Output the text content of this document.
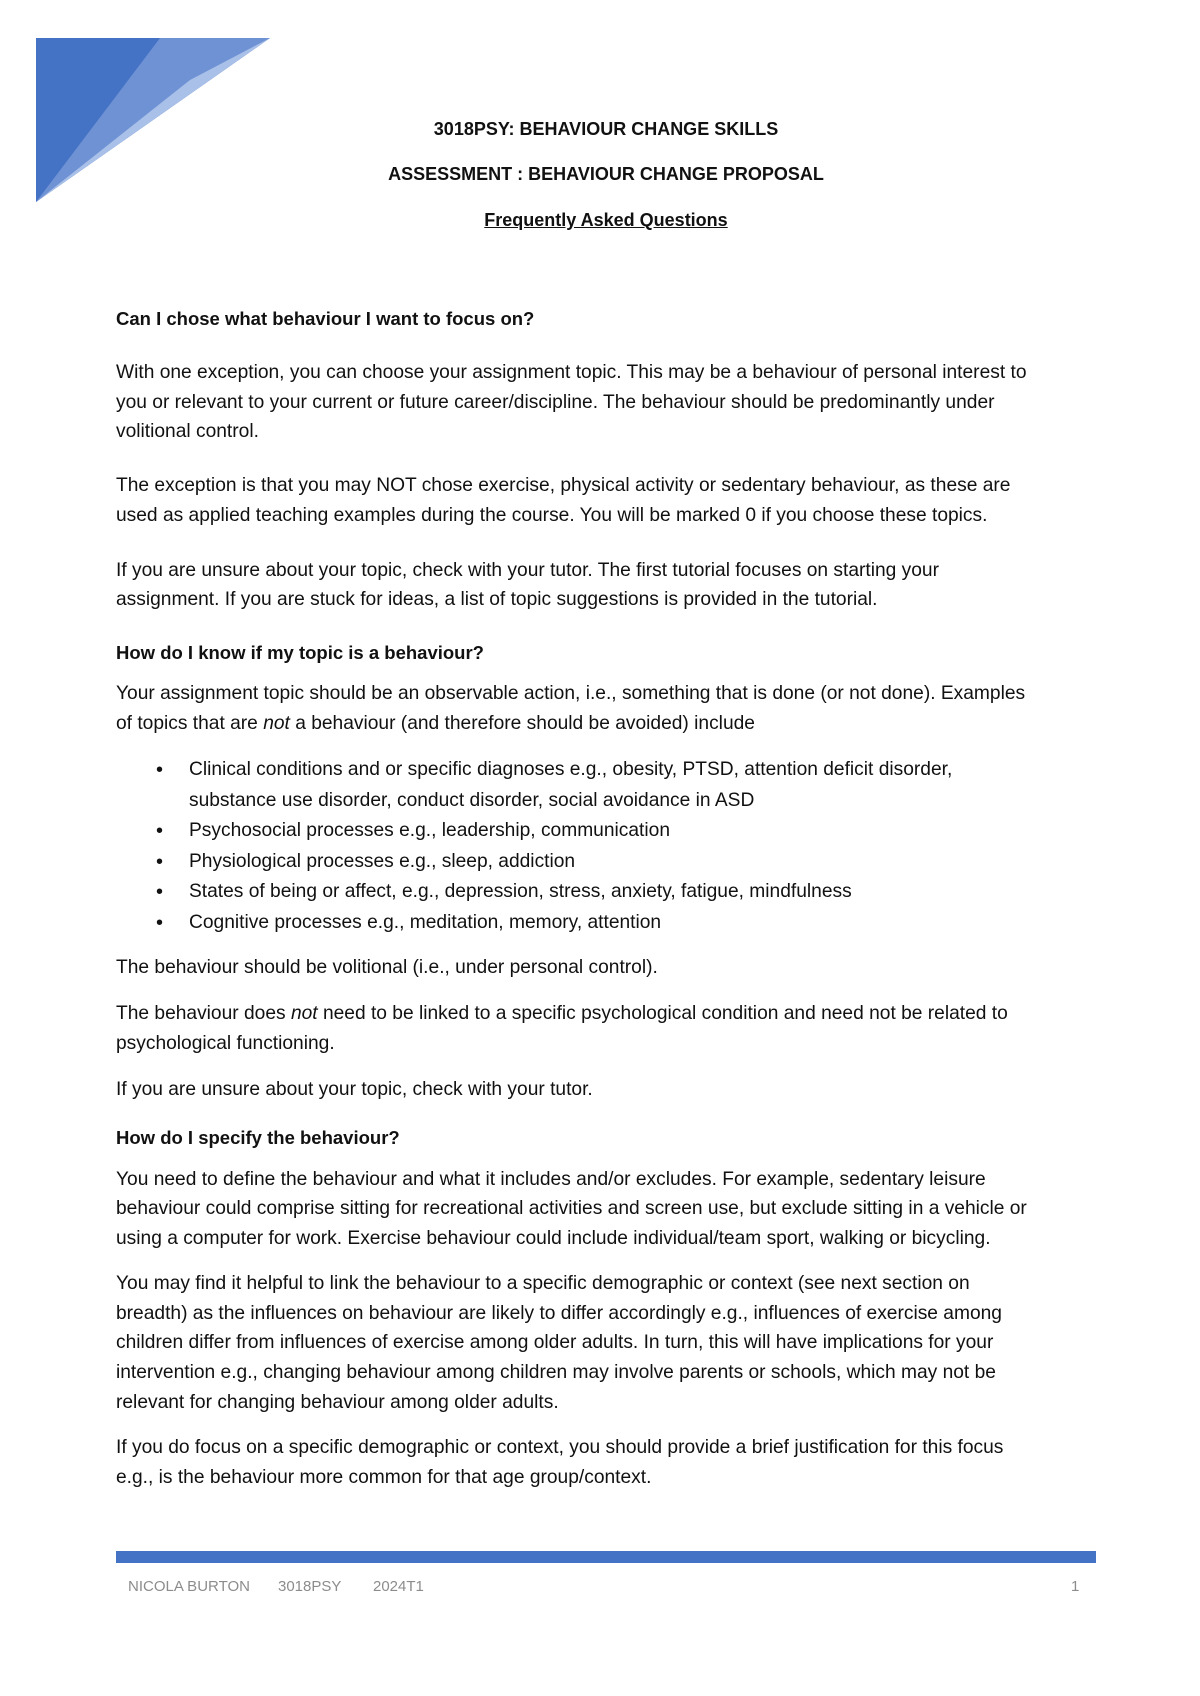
3018PSY: BEHAVIOUR CHANGE SKILLS
ASSESSMENT : BEHAVIOUR CHANGE PROPOSAL
Frequently Asked Questions
Can I chose what behaviour I want to focus on?
With one exception, you can choose your assignment topic. This may be a behaviour of personal interest to
you or relevant to your current or future career/discipline. The behaviour should be predominantly under
volitional control.
The exception is that you may NOT chose exercise, physical activity or sedentary behaviour, as these are
used as applied teaching examples during the course. You will be marked 0 if you choose these topics.
If you are unsure about your topic, check with your tutor. The first tutorial focuses on starting your
assignment. If you are stuck for ideas, a list of topic suggestions is provided in the tutorial.
How do I know if my topic is a behaviour?
Your assignment topic should be an observable action, i.e., something that is done (or not done). Examples
of topics that are not a behaviour (and therefore should be avoided) include
• Clinical conditions and or specific diagnoses e.g., obesity, PTSD, attention deficit disorder,
substance use disorder, conduct disorder, social avoidance in ASD
• Psychosocial processes e.g., leadership, communication
• Physiological processes e.g., sleep, addiction
• States of being or affect, e.g., depression, stress, anxiety, fatigue, mindfulness
• Cognitive processes e.g., meditation, memory, attention
The behaviour should be volitional (i.e., under personal control).
The behaviour does not need to be linked to a specific psychological condition and need not be related to
psychological functioning.
If you are unsure about your topic, check with your tutor.
How do I specify the behaviour?
You need to define the behaviour and what it includes and/or excludes. For example, sedentary leisure
behaviour could comprise sitting for recreational activities and screen use, but exclude sitting in a vehicle or
using a computer for work. Exercise behaviour could include individual/team sport, walking or bicycling.
You may find it helpful to link the behaviour to a specific demographic or context (see next section on
breadth) as the influences on behaviour are likely to differ accordingly e.g., influences of exercise among
children differ from influences of exercise among older adults. In turn, this will have implications for your
intervention e.g., changing behaviour among children may involve parents or schools, which may not be
relevant for changing behaviour among older adults.
If you do focus on a specific demographic or context, you should provide a brief justification for this focus
e.g., is the behaviour more common for that age group/context.
NICOLA BURTON 3018PSY 2024T1	1
